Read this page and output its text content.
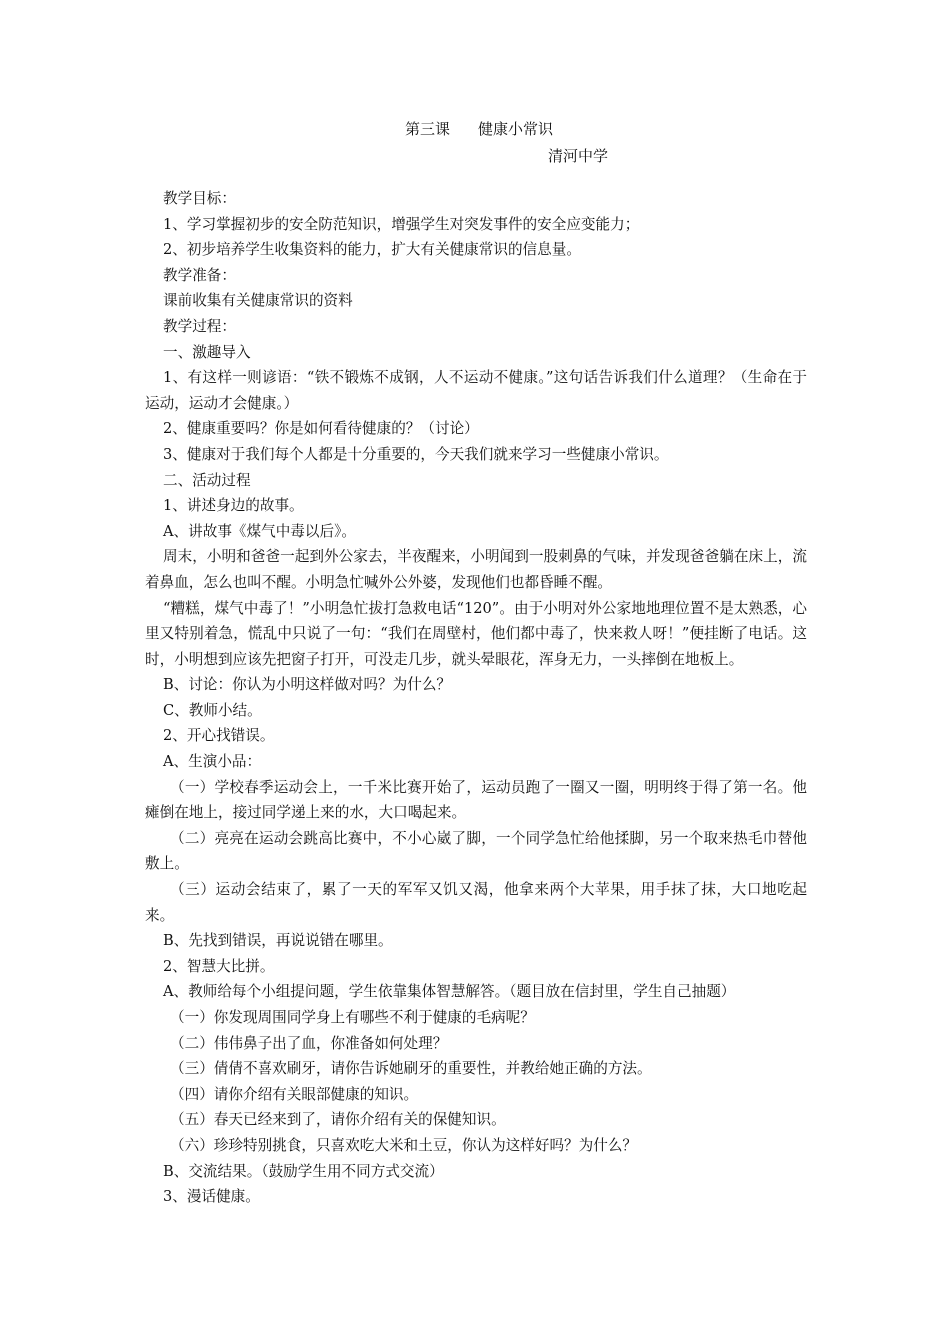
第三课 健康小常识
清河中学

教学目标：

1、学习掌握初步的安全防范知识，增强学生对突发事件的安全应变能力；

2、初步培养学生收集资料的能力，扩大有关健康常识的信息量。

教学准备：

课前收集有关健康常识的资料

教学过程：

一、激趣导入

1、有这样一则谚语：“铁不锻炼不成钢，人不运动不健康。”这句话告诉我们什么道理？（生命在于运动，运动才会健康。）

2、健康重要吗？你是如何看待健康的？（讨论）

3、健康对于我们每个人都是十分重要的，今天我们就来学习一些健康小常识。

二、活动过程

1、讲述身边的故事。

A、讲故事《煤气中毒以后》。

周末，小明和爸爸一起到外公家去，半夜醒来，小明闻到一股刺鼻的气味，并发现爸爸躺在床上，流着鼻血，怎么也叫不醒。小明急忙喊外公外婆，发现他们也都昏睡不醒。

“糟糕，煤气中毒了！”小明急忙拔打急救电话“120”。由于小明对外公家地地理位置不是太熟悉，心里又特别着急，慌乱中只说了一句：“我们在周壁村，他们都中毒了，快来救人呀！”便挂断了电话。这时，小明想到应该先把窗子打开，可没走几步，就头晕眼花，浑身无力，一头摔倒在地板上。

B、讨论：你认为小明这样做对吗？为什么？

C、教师小结。

2、开心找错误。

A、生演小品：

（一）学校春季运动会上，一千米比赛开始了，运动员跑了一圈又一圈，明明终于得了第一名。他瘫倒在地上，接过同学递上来的水，大口喝起来。

（二）亮亮在运动会跳高比赛中，不小心崴了脚，一个同学急忙给他揉脚，另一个取来热毛巾替他敷上。

（三）运动会结束了，累了一天的军军又饥又渴，他拿来两个大苹果，用手抹了抹，大口地吃起来。

B、先找到错误，再说说错在哪里。

2、智慧大比拼。

A、教师给每个小组提问题，学生依靠集体智慧解答。（题目放在信封里，学生自己抽题）

（一）你发现周围同学身上有哪些不利于健康的毛病呢？

（二）伟伟鼻子出了血，你准备如何处理？

（三）倩倩不喜欢刷牙，请你告诉她刷牙的重要性，并教给她正确的方法。

（四）请你介绍有关眼部健康的知识。

（五）春天已经来到了，请你介绍有关的保健知识。

（六）珍珍特别挑食，只喜欢吃大米和土豆，你认为这样好吗？为什么？

B、交流结果。（鼓励学生用不同方式交流）

3、漫话健康。
